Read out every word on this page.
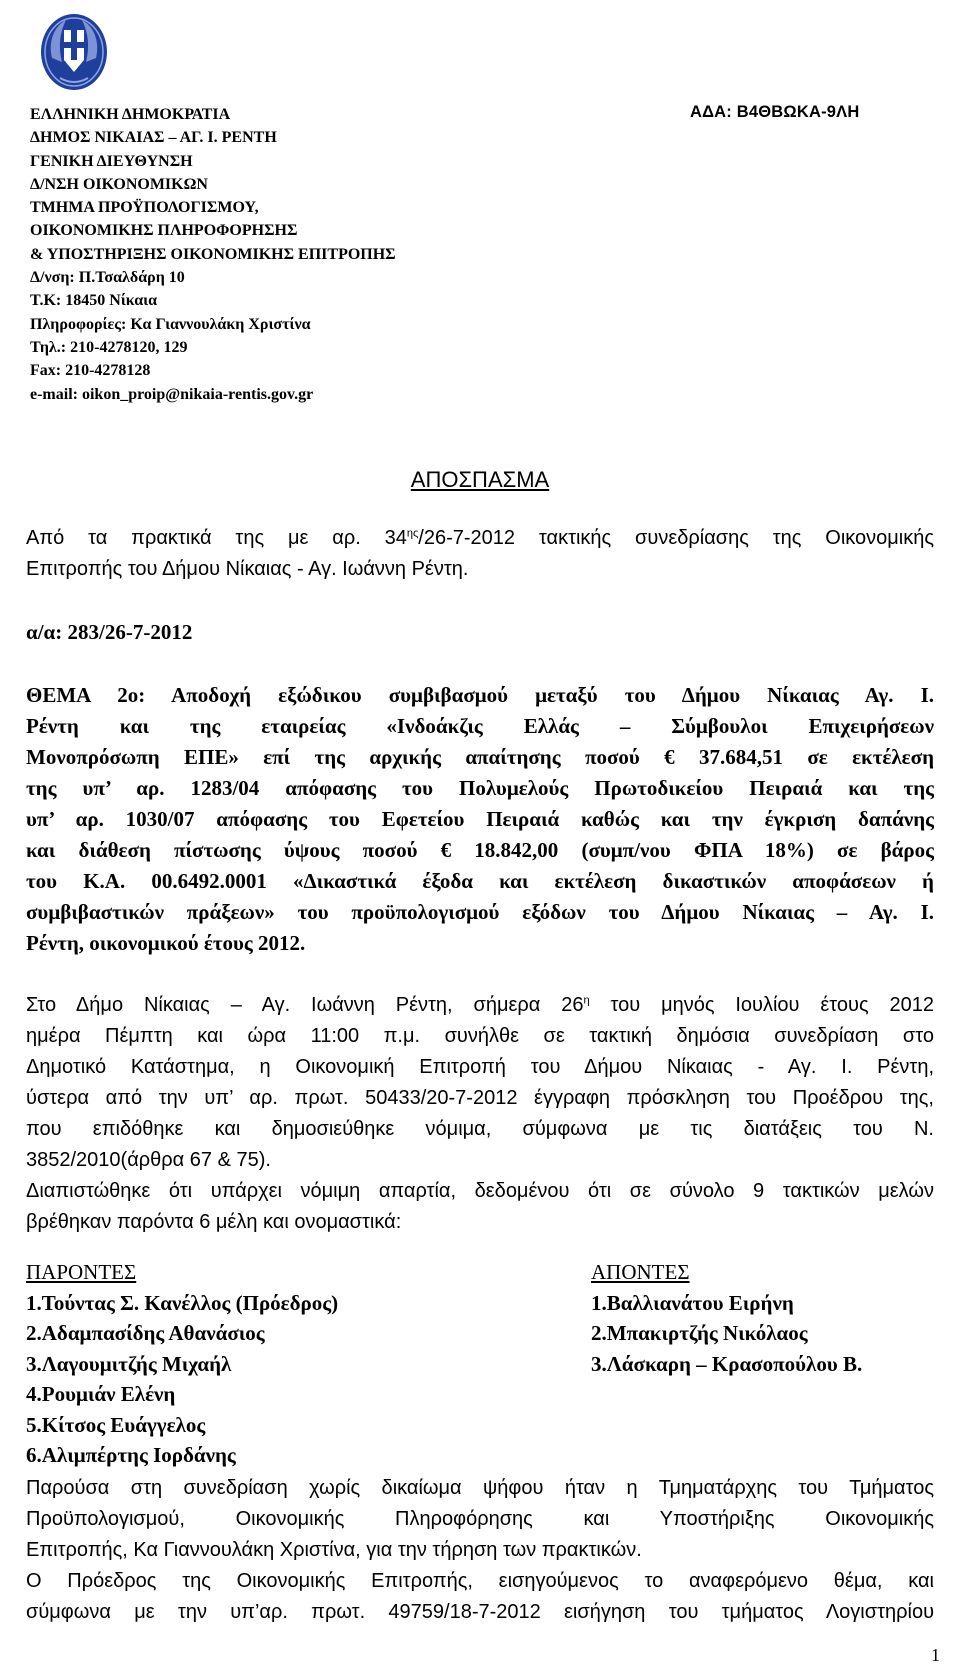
ΕΛΛΗΝΙΚΗ ΔΗΜΟΚΡΑΤΙΑ
ΔΗΜΟΣ ΝΙΚΑΙΑΣ – ΑΓ. Ι. ΡΕΝΤΗ
ΓΕΝΙΚΗ ΔΙΕΥΘΥΝΣΗ
Δ/ΝΣΗ ΟΙΚΟΝΟΜΙΚΩΝ
ΤΜΗΜΑ ΠΡΟΫΠΟΛΟΓΙΣΜΟΥ,
ΟΙΚΟΝΟΜΙΚΗΣ ΠΛΗΡΟΦΟΡΗΣΗΣ
& ΥΠΟΣΤΗΡΙΞΗΣ ΟΙΚΟΝΟΜΙΚΗΣ ΕΠΙΤΡΟΠΗΣ
Δ/νση: Π.Τσαλδάρη 10
Τ.Κ: 18450 Νίκαια
Πληροφορίες: Κα Γιαννουλάκη Χριστίνα
Τηλ.: 210-4278120, 129
Fax: 210-4278128
e-mail: oikon_proip@nikaia-rentis.gov.gr
ΑΔΑ: Β4ΘΒΩΚΑ-9ΛΗ
ΑΠΟΣΠΑΣΜΑ
Από τα πρακτικά της με αρ. $34^{\eta\varsigma}/26-7-2012$ τακτικής συνεδρίασης της Οικονομικής
Επιτροπής του Δήμου Νίκαιας - Αγ. Ιωάννη Ρέντη.
α/α: 283/26-7-2012
ΘΕΜΑ 2ο: Αποδοχή εξώδικου συμβιβασμού μεταξύ του Δήμου Νίκαιας Αγ. Ι.
Ρέντη και της εταιρείας «Ινδοάκζις Ελλάς – Σύμβουλοι Επιχειρήσεων
Μονοπρόσωπη ΕΠΕ» επί της αρχικής απαίτησης ποσού € 37.684,51 σε εκτέλεση
της υπ’ αρ. 1283/04 απόφασης του Πολυμελούς Πρωτοδικείου Πειραιά και της
υπ’ αρ. 1030/07 απόφασης του Εφετείου Πειραιά καθώς και την έγκριση δαπάνης
και διάθεση πίστωσης ύψους ποσού € 18.842,00 (συμπ/νου ΦΠΑ 18%) σε βάρος
του Κ.Α. 00.6492.0001 «Δικαστικά έξοδα και εκτέλεση δικαστικών αποφάσεων ή
συμβιβαστικών πράξεων» του προϋπολογισμού εξόδων του Δήμου Νίκαιας – Αγ. Ι.
Ρέντη, οικονομικού έτους 2012.
Στο Δήμο Νίκαιας – Αγ. Ιωάννη Ρέντη, σήμερα $26^\eta$ του μηνός Ιουλίου έτους 2012
ημέρα Πέμπτη και ώρα 11:00 π.μ. συνήλθε σε τακτική δημόσια συνεδρίαση στο
Δημοτικό Κατάστημα, η Οικονομική Επιτροπή του Δήμου Νίκαιας - Αγ. Ι. Ρέντη,
ύστερα από την υπ’ αρ. πρωτ. 50433/20-7-2012 έγγραφη πρόσκληση του Προέδρου της,
που επιδόθηκε και δημοσιεύθηκε νόμιμα, σύμφωνα με τις διατάξεις του Ν.
3852/2010(άρθρα 67 & 75).
Διαπιστώθηκε ότι υπάρχει νόμιμη απαρτία, δεδομένου ότι σε σύνολο 9 τακτικών μελών
βρέθηκαν παρόντα 6 μέλη και ονομαστικά:
ΠΑΡΟΝΤΕΣ
1.Τούντας Σ. Κανέλλος (Πρόεδρος)
2.Αδαμπασίδης Αθανάσιος
3.Λαγουμιτζής Μιχαήλ
4.Ρουμιάν Ελένη
5.Κίτσος Ευάγγελος
6.Αλιμπέρτης Ιορδάνης
ΑΠΟΝΤΕΣ
1.Βαλλιανάτου Ειρήνη
2.Μπακιρτζής Νικόλαος
3.Λάσκαρη – Κρασοπούλου Β.
Παρούσα στη συνεδρίαση χωρίς δικαίωμα ψήφου ήταν η Τμηματάρχης του Τμήματος
Προϋπολογισμού, Οικονομικής Πληροφόρησης και Υποστήριξης Οικονομικής
Επιτροπής, Κα Γιαννουλάκη Χριστίνα, για την τήρηση των πρακτικών.
Ο Πρόεδρος της Οικονομικής Επιτροπής, εισηγούμενος το αναφερόμενο θέμα, και
σύμφωνα με την υπ’αρ. πρωτ. 49759/18-7-2012 εισήγηση του τμήματος Λογιστηρίου
1
